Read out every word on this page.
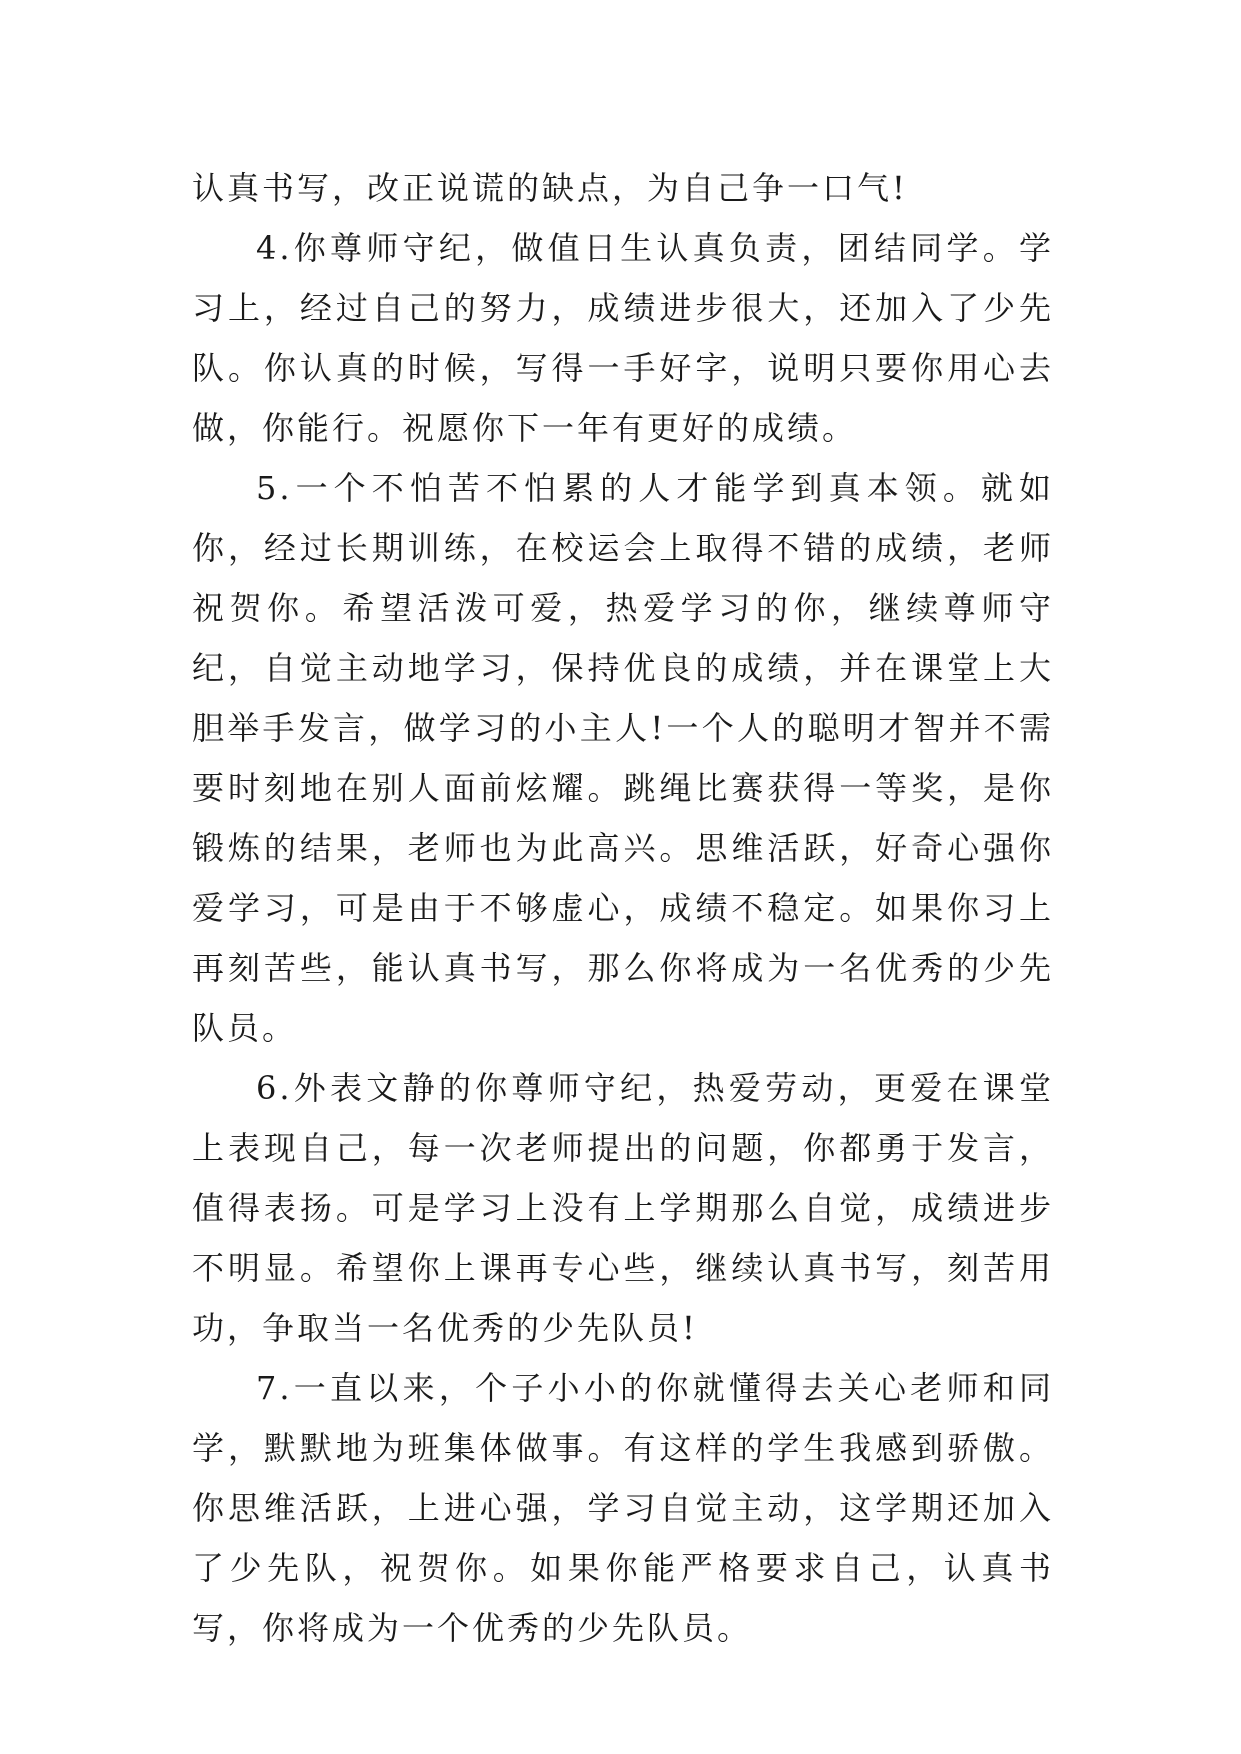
认真书写，改正说谎的缺点，为自己争一口气!

4.你尊师守纪，做值日生认真负责，团结同学。学习上，经过自己的努力，成绩进步很大，还加入了少先队。你认真的时候，写得一手好字，说明只要你用心去做，你能行。祝愿你下一年有更好的成绩。

5.一个不怕苦不怕累的人才能学到真本领。就如你，经过长期训练，在校运会上取得不错的成绩，老师祝贺你。希望活泼可爱，热爱学习的你，继续尊师守纪，自觉主动地学习，保持优良的成绩，并在课堂上大胆举手发言，做学习的小主人!一个人的聪明才智并不需要时刻地在别人面前炫耀。跳绳比赛获得一等奖，是你锻炼的结果，老师也为此高兴。思维活跃，好奇心强你爱学习，可是由于不够虚心，成绩不稳定。如果你习上再刻苦些，能认真书写，那么你将成为一名优秀的少先队员。

6.外表文静的你尊师守纪，热爱劳动，更爱在课堂上表现自己，每一次老师提出的问题，你都勇于发言，值得表扬。可是学习上没有上学期那么自觉，成绩进步不明显。希望你上课再专心些，继续认真书写，刻苦用功，争取当一名优秀的少先队员!

7.一直以来，个子小小的你就懂得去关心老师和同学，默默地为班集体做事。有这样的学生我感到骄傲。你思维活跃，上进心强，学习自觉主动，这学期还加入了少先队，祝贺你。如果你能严格要求自己，认真书写，你将成为一个优秀的少先队员。
